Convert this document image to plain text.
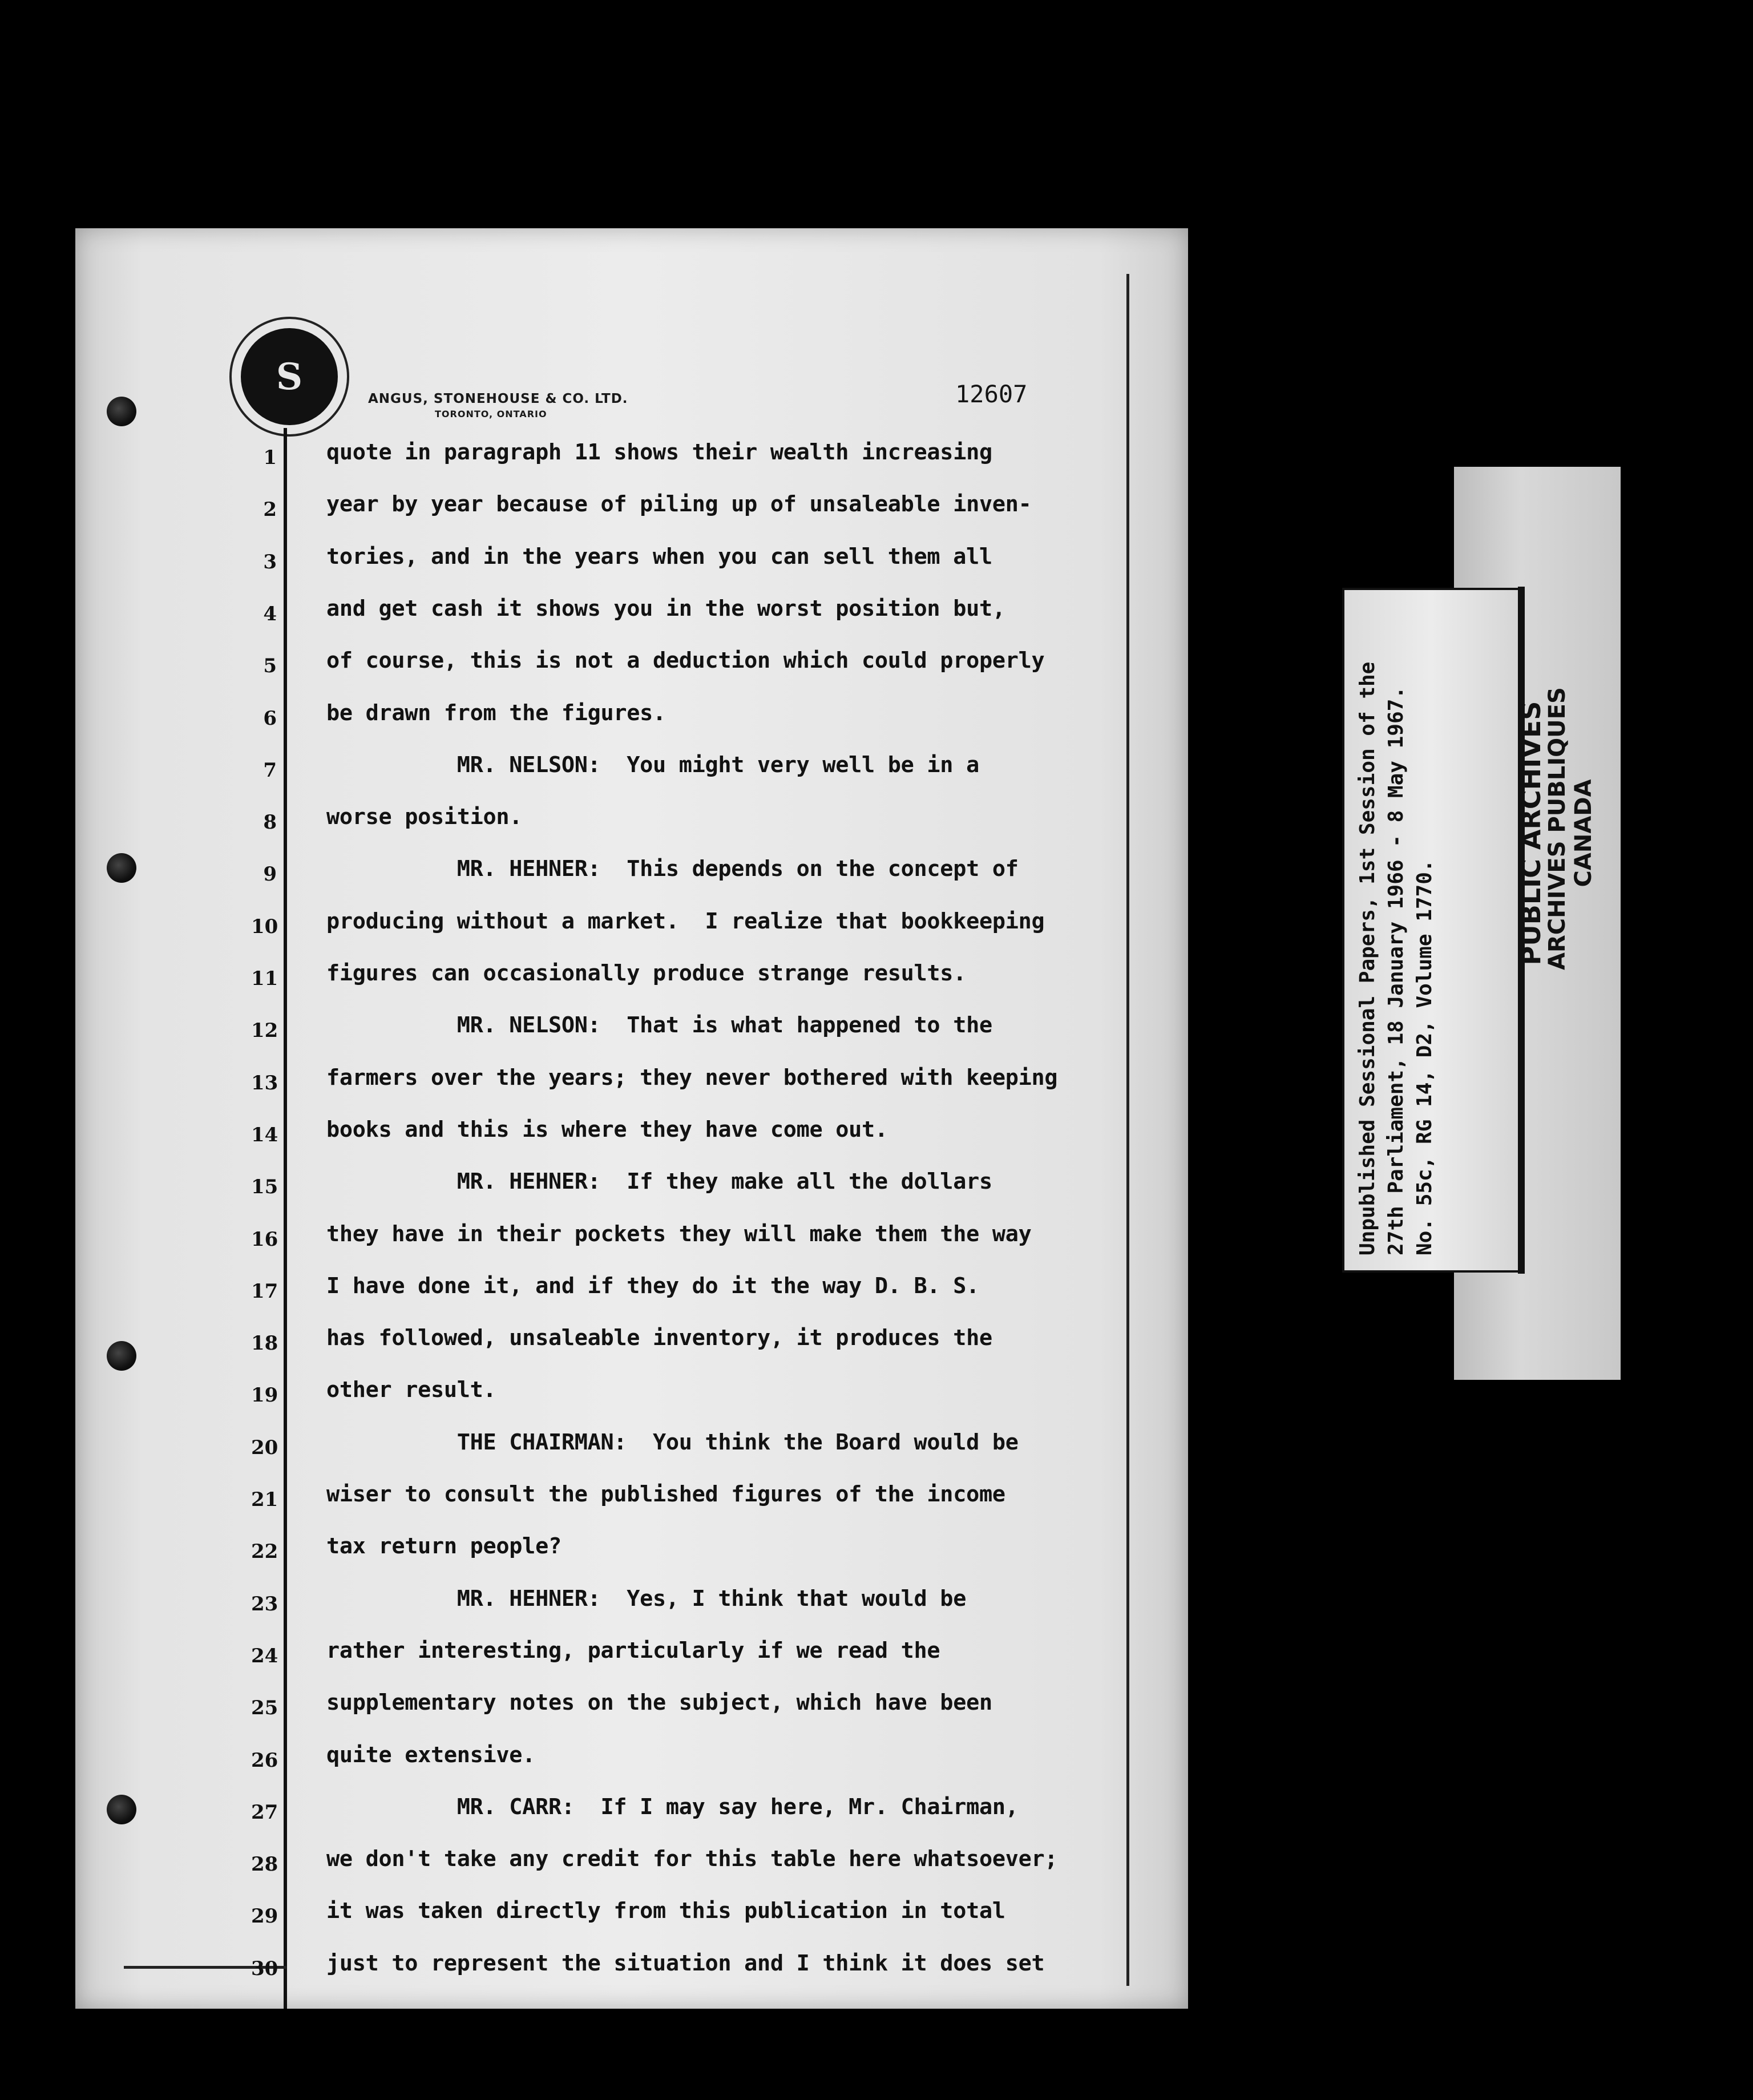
S
ANGUS, STONEHOUSE & CO. LTD.
TORONTO, ONTARIO
12607
1 quote in paragraph 11 shows their wealth increasing
2 year by year because of piling up of unsaleable inven-
3 tories, and in the years when you can sell them all
4 and get cash it shows you in the worst position but,
5 of course, this is not a deduction which could properly
6 be drawn from the figures.
7 MR. NELSON:  You might very well be in a
8 worse position.
9 MR. HEHNER:  This depends on the concept of
10 producing without a market.  I realize that bookkeeping
11 figures can occasionally produce strange results.
12 MR. NELSON:  That is what happened to the
13 farmers over the years; they never bothered with keeping
14 books and this is where they have come out.
15 MR. HEHNER:  If they make all the dollars
16 they have in their pockets they will make them the way
17 I have done it, and if they do it the way D. B. S.
18 has followed, unsaleable inventory, it produces the
19 other result.
20 THE CHAIRMAN:  You think the Board would be
21 wiser to consult the published figures of the income
22 tax return people?
23 MR. HEHNER:  Yes, I think that would be
24 rather interesting, particularly if we read the
25 supplementary notes on the subject, which have been
26 quite extensive.
27 MR. CARR:  If I may say here, Mr. Chairman,
28 we don't take any credit for this table here whatsoever;
29 it was taken directly from this publication in total
30 just to represent the situation and I think it does set
Unpublished Sessional Papers, 1st Session of the 27th Parliament, 18 January 1966 - 8 May 1967. No. 55c, RG 14, D2, Volume 1770.
PUBLIC ARCHIVES
ARCHIVES PUBLIQUES CANADA
